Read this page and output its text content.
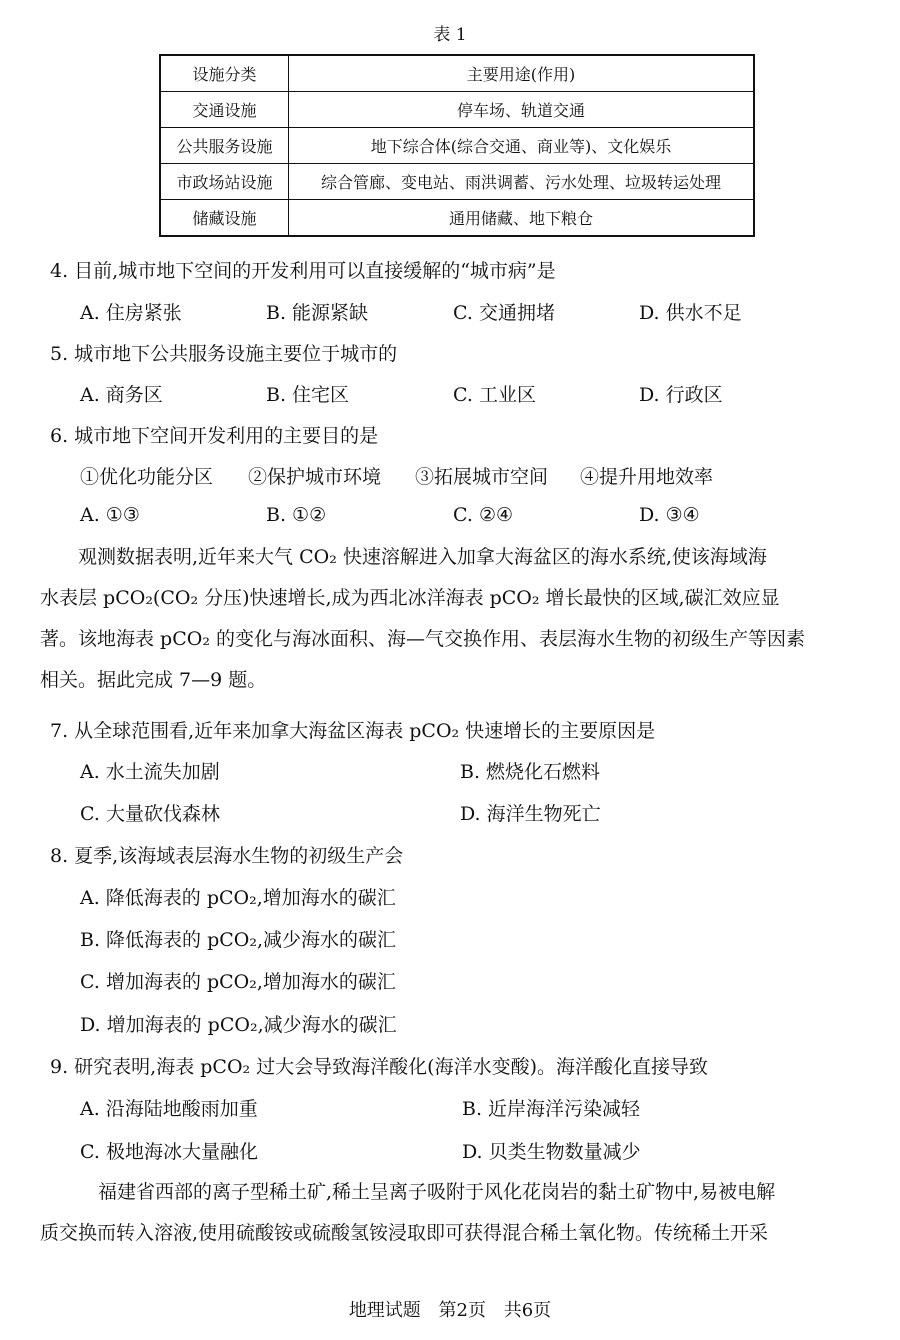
表 1
设施分类	主要用途(作用)
交通设施	停车场、轨道交通
公共服务设施	地下综合体(综合交通、商业等)、文化娱乐
市政场站设施	综合管廊、变电站、雨洪调蓄、污水处理、垃圾转运处理
储藏设施	通用储藏、地下粮仓
4. 目前,城市地下空间的开发利用可以直接缓解的“城市病”是
A. 住房紧张	B. 能源紧缺	C. 交通拥堵	D. 供水不足
5. 城市地下公共服务设施主要位于城市的
A. 商务区	B. 住宅区	C. 工业区	D. 行政区
6. 城市地下空间开发利用的主要目的是
①优化功能分区 ②保护城市环境 ③拓展城市空间 ④提升用地效率
A. ①③	B. ①②	C. ②④	D. ③④
观测数据表明,近年来大气 CO₂ 快速溶解进入加拿大海盆区的海水系统,使该海域海
水表层 pCO₂(CO₂ 分压)快速增长,成为西北冰洋海表 pCO₂ 增长最快的区域,碳汇效应显
著。该地海表 pCO₂ 的变化与海冰面积、海—气交换作用、表层海水生物的初级生产等因素
相关。据此完成 7—9 题。
7. 从全球范围看,近年来加拿大海盆区海表 pCO₂ 快速增长的主要原因是
A. 水土流失加剧	B. 燃烧化石燃料
C. 大量砍伐森林	D. 海洋生物死亡
8. 夏季,该海域表层海水生物的初级生产会
A. 降低海表的 pCO₂,增加海水的碳汇
B. 降低海表的 pCO₂,减少海水的碳汇
C. 增加海表的 pCO₂,增加海水的碳汇
D. 增加海表的 pCO₂,减少海水的碳汇
9. 研究表明,海表 pCO₂ 过大会导致海洋酸化(海洋水变酸)。海洋酸化直接导致
A. 沿海陆地酸雨加重	B. 近岸海洋污染减轻
C. 极地海冰大量融化	D. 贝类生物数量减少
福建省西部的离子型稀土矿,稀土呈离子吸附于风化花岗岩的黏土矿物中,易被电解
质交换而转入溶液,使用硫酸铵或硫酸氢铵浸取即可获得混合稀土氧化物。传统稀土开采
地理试题 第2页 共6页
